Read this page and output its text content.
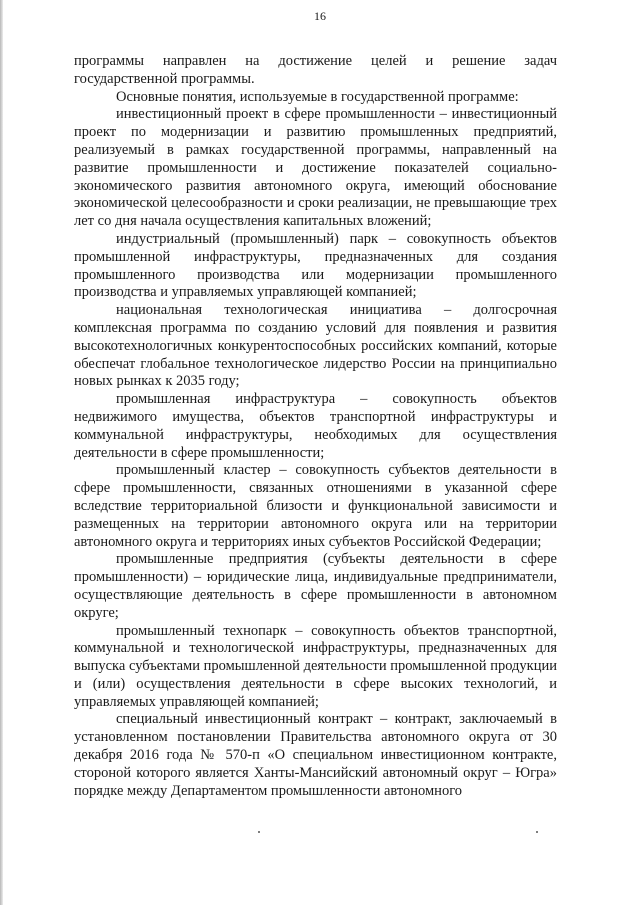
16

программы направлен на достижение целей и решение задач государственной программы.

Основные понятия, используемые в государственной программе:

инвестиционный проект в сфере промышленности – инвестиционный проект по модернизации и развитию промышленных предприятий, реализуемый в рамках государственной программы, направленный на развитие промышленности и достижение показателей социально-экономического развития автономного округа, имеющий обоснование экономической целесообразности и сроки реализации, не превышающие трех лет со дня начала осуществления капитальных вложений;

индустриальный (промышленный) парк – совокупность объектов промышленной инфраструктуры, предназначенных для создания промышленного производства или модернизации промышленного производства и управляемых управляющей компанией;

национальная технологическая инициатива – долгосрочная комплексная программа по созданию условий для появления и развития высокотехнологичных конкурентоспособных российских компаний, которые обеспечат глобальное технологическое лидерство России на принципиально новых рынках к 2035 году;

промышленная инфраструктура – совокупность объектов недвижимого имущества, объектов транспортной инфраструктуры и коммунальной инфраструктуры, необходимых для осуществления деятельности в сфере промышленности;

промышленный кластер – совокупность субъектов деятельности в сфере промышленности, связанных отношениями в указанной сфере вследствие территориальной близости и функциональной зависимости и размещенных на территории автономного округа или на территории автономного округа и территориях иных субъектов Российской Федерации;

промышленные предприятия (субъекты деятельности в сфере промышленности) – юридические лица, индивидуальные предприниматели, осуществляющие деятельность в сфере промышленности в автономном округе;

промышленный технопарк – совокупность объектов транспортной, коммунальной и технологической инфраструктуры, предназначенных для выпуска субъектами промышленной деятельности промышленной продукции и (или) осуществления деятельности в сфере высоких технологий, и управляемых управляющей компанией;

специальный инвестиционный контракт – контракт, заключаемый в установленном постановлении Правительства автономного округа от 30 декабря 2016 года № 570-п «О специальном инвестиционном контракте, стороной которого является Ханты-Мансийский автономный округ – Югра» порядке между Департаментом промышленности автономного
